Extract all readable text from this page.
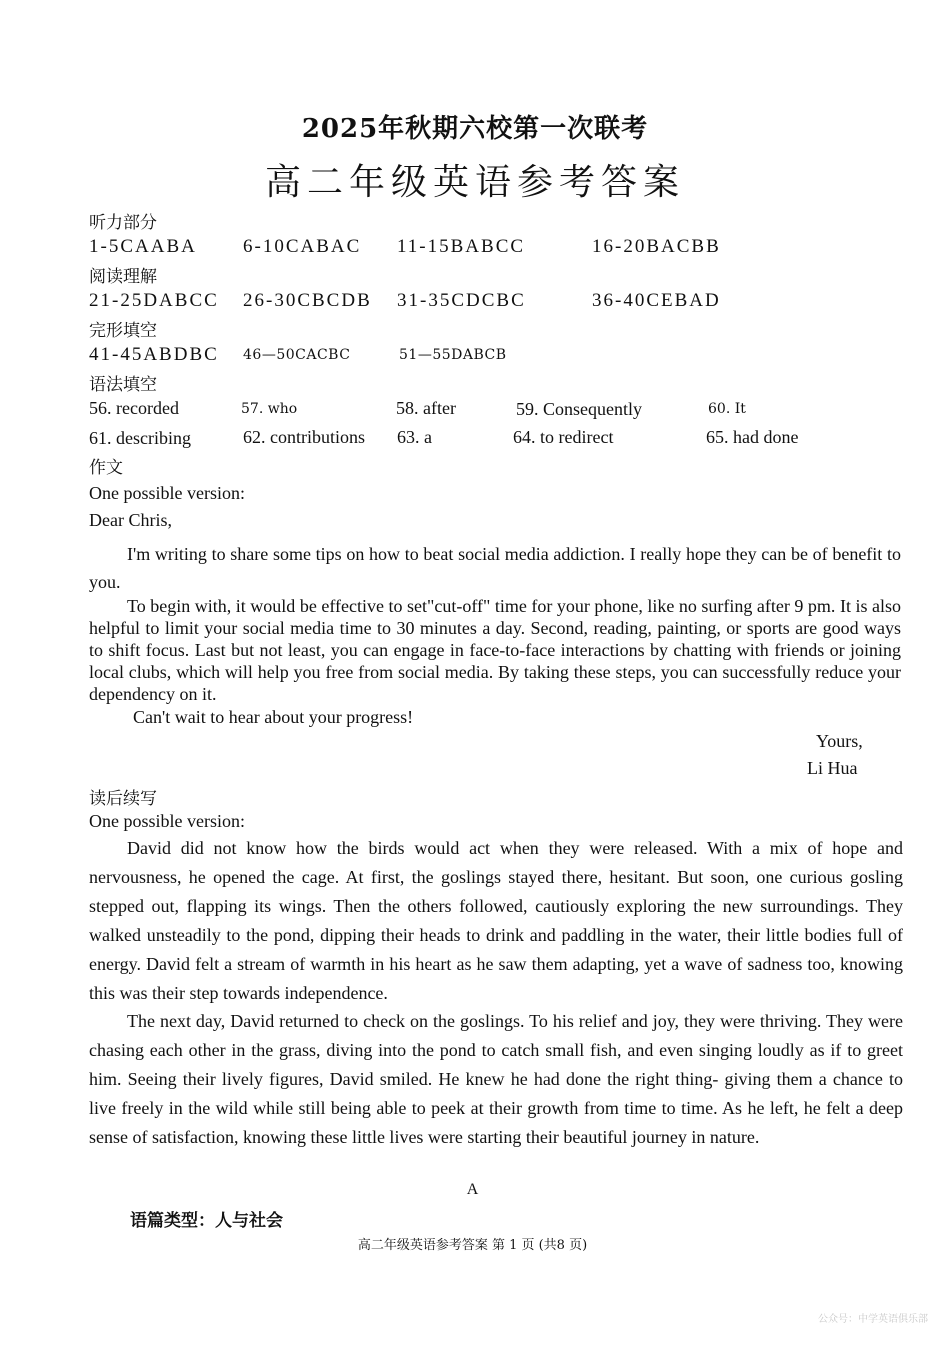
2025年秋期六校第一次联考
高二年级英语参考答案
听力部分
1-5CAABA 6-10CABAC 11-15BABCC	16-20BACBB
阅读理解
21-25DABCC 26-30CBCDB 31-35CDCBC	36-40CEBAD
完形填空
41-45ABDBC 46—50CACBC	51—55DABCB
语法填空
56. recorded	57. who	58. after	59. Consequently	60. It
61. describing	62. contributions 63. a	64. to redirect	65. had done
作文
One possible version:
Dear Chris,
I'm writing to share some tips on how to beat social media addiction. I really hope they can be of benefit to you.
To begin with, it would be effective to set"cut-off" time for your phone, like no surfing after 9 pm. It is also helpful to limit your social media time to 30 minutes a day. Second, reading, painting, or sports are good ways to shift focus. Last but not least, you can engage in face-to-face interactions by chatting with friends or joining local clubs, which will help you free from social media. By taking these steps, you can successfully reduce your dependency on it.
Can't wait to hear about your progress!
Yours,
Li Hua
读后续写
One possible version:
David did not know how the birds would act when they were released. With a mix of hope and nervousness, he opened the cage. At first, the goslings stayed there, hesitant. But soon, one curious gosling stepped out, flapping its wings. Then the others followed, cautiously exploring the new surroundings. They walked unsteadily to the pond, dipping their heads to drink and paddling in the water, their little bodies full of energy. David felt a stream of warmth in his heart as he saw them adapting, yet a wave of sadness too, knowing this was their step towards independence.
The next day, David returned to check on the goslings. To his relief and joy, they were thriving. They were chasing each other in the grass, diving into the pond to catch small fish, and even singing loudly as if to greet him. Seeing their lively figures, David smiled. He knew he had done the right thing- giving them a chance to live freely in the wild while still being able to peek at their growth from time to time. As he left, he felt a deep sense of satisfaction, knowing these little lives were starting their beautiful journey in nature.
A
语篇类型：人与社会
高二年级英语参考答案 第 1 页 (共8 页)
公众号：中学英语俱乐部
